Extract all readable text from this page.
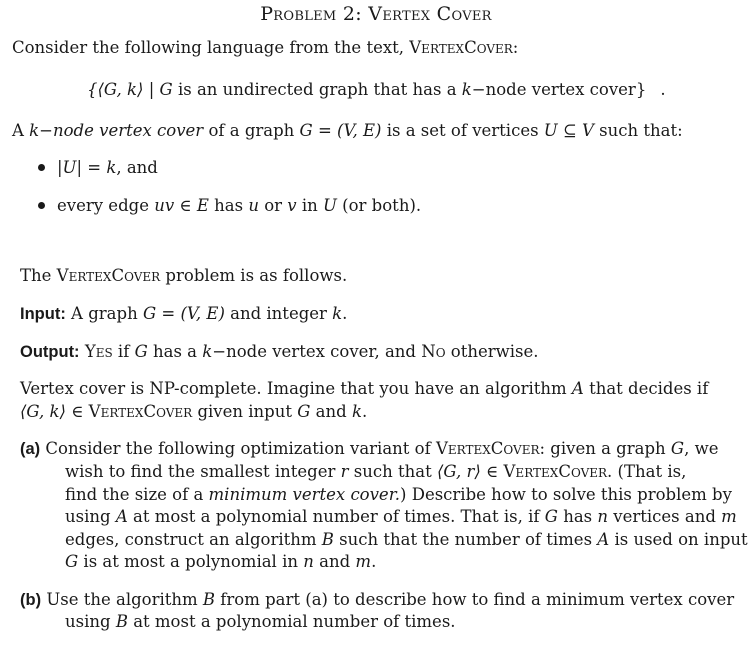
Problem 2: Vertex Cover
Consider the following language from the text, VertexCover:
{⟨G, k⟩ | G is an undirected graph that has a k−node vertex cover} .
A k−node vertex cover of a graph G = (V, E) is a set of vertices U ⊆ V such that:
|U| = k, and
every edge uv ∈ E has u or v in U (or both).
The VertexCover problem is as follows.
Input: A graph G = (V, E) and integer k.
Output: Yes if G has a k−node vertex cover, and No otherwise.
Vertex cover is NP-complete. Imagine that you have an algorithm A that decides if
⟨G, k⟩ ∈ VertexCover given input G and k.
(a) Consider the following optimization variant of VertexCover: given a graph G, we
wish to find the smallest integer r such that ⟨G, r⟩ ∈ VertexCover. (That is,
find the size of a minimum vertex cover.) Describe how to solve this problem by
using A at most a polynomial number of times. That is, if G has n vertices and m
edges, construct an algorithm B such that the number of times A is used on input
G is at most a polynomial in n and m.
(b) Use the algorithm B from part (a) to describe how to find a minimum vertex cover
using B at most a polynomial number of times.
